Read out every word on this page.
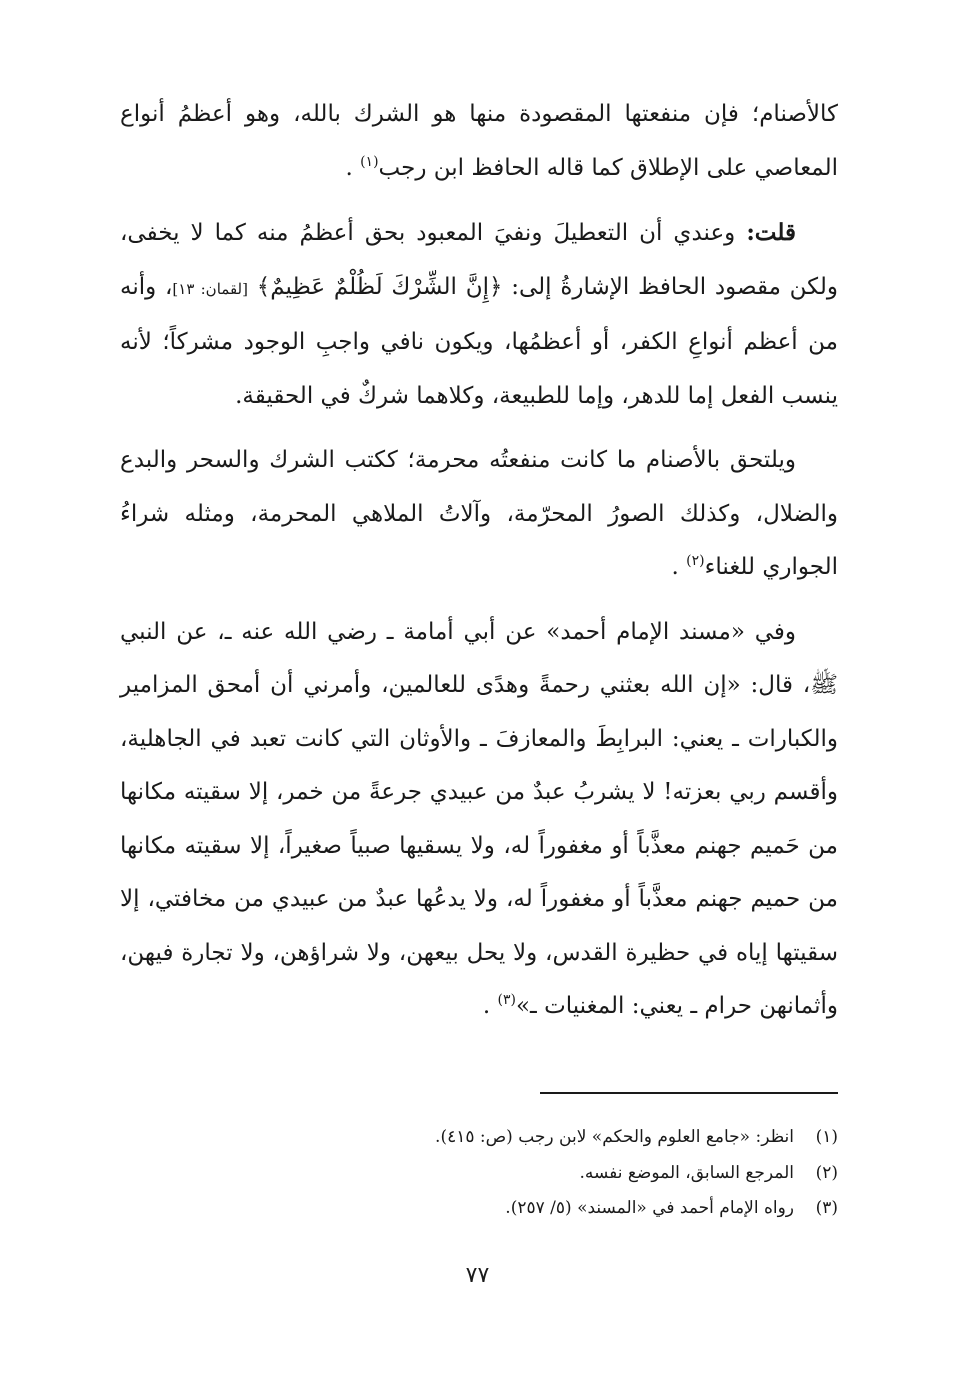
كالأصنام؛ فإن منفعتها المقصودة منها هو الشرك بالله، وهو أعظمُ أنواع المعاصي على الإطلاق كما قاله الحافظ ابن رجب$^{(١)}$ .

قلت: وعندي أن التعطيلَ ونفيَ المعبود بحق أعظمُ منه كما لا يخفى، ولكن مقصود الحافظ الإشارةُ إلى: ﴿إِنَّ الشِّرْكَ لَظُلْمٌ عَظِيمٌ﴾ [لقمان: ١٣]، وأنه من أعظم أنواعِ الكفر، أو أعظمُها، ويكون نافي واجبِ الوجود مشركاً؛ لأنه ينسب الفعل إما للدهر، وإما للطبيعة، وكلاهما شركٌ في الحقيقة.

ويلتحق بالأصنام ما كانت منفعتُه محرمة؛ ككتب الشرك والسحر والبدع والضلال، وكذلك الصورُ المحرّمة، وآلاتُ الملاهي المحرمة، ومثله شراءُ الجواري للغناء$^{(٢)}$ .

وفي «مسند الإمام أحمد» عن أبي أمامة ـ رضي الله عنه ـ، عن النبي ﷺ، قال: «إن الله بعثني رحمةً وهدًى للعالمين، وأمرني أن أمحق المزامير والكبارات ـ يعني: البرابِطَ والمعازفَ ـ والأوثان التي كانت تعبد في الجاهلية، وأقسم ربي بعزته! لا يشربُ عبدٌ من عبيدي جرعةً من خمر، إلا سقيته مكانها من حَميم جهنم معذَّباً أو مغفوراً له، ولا يسقيها صبياً صغيراً، إلا سقيته مكانها من حميم جهنم معذَّباً أو مغفوراً له، ولا يدعُها عبدٌ من عبيدي من مخافتي، إلا سقيتها إياه في حظيرة القدس، ولا يحل بيعهن، ولا شراؤهن، ولا تجارة فيهن، وأثمانهن حرام ـ يعني: المغنيات ـ»$^{(٣)}$ .

(١)
انظر: «جامع العلوم والحكم» لابن رجب (ص: ٤١٥).
(٢)
المرجع السابق، الموضع نفسه.
(٣)
رواه الإمام أحمد في «المسند» (٥/ ٢٥٧).
٧٧
